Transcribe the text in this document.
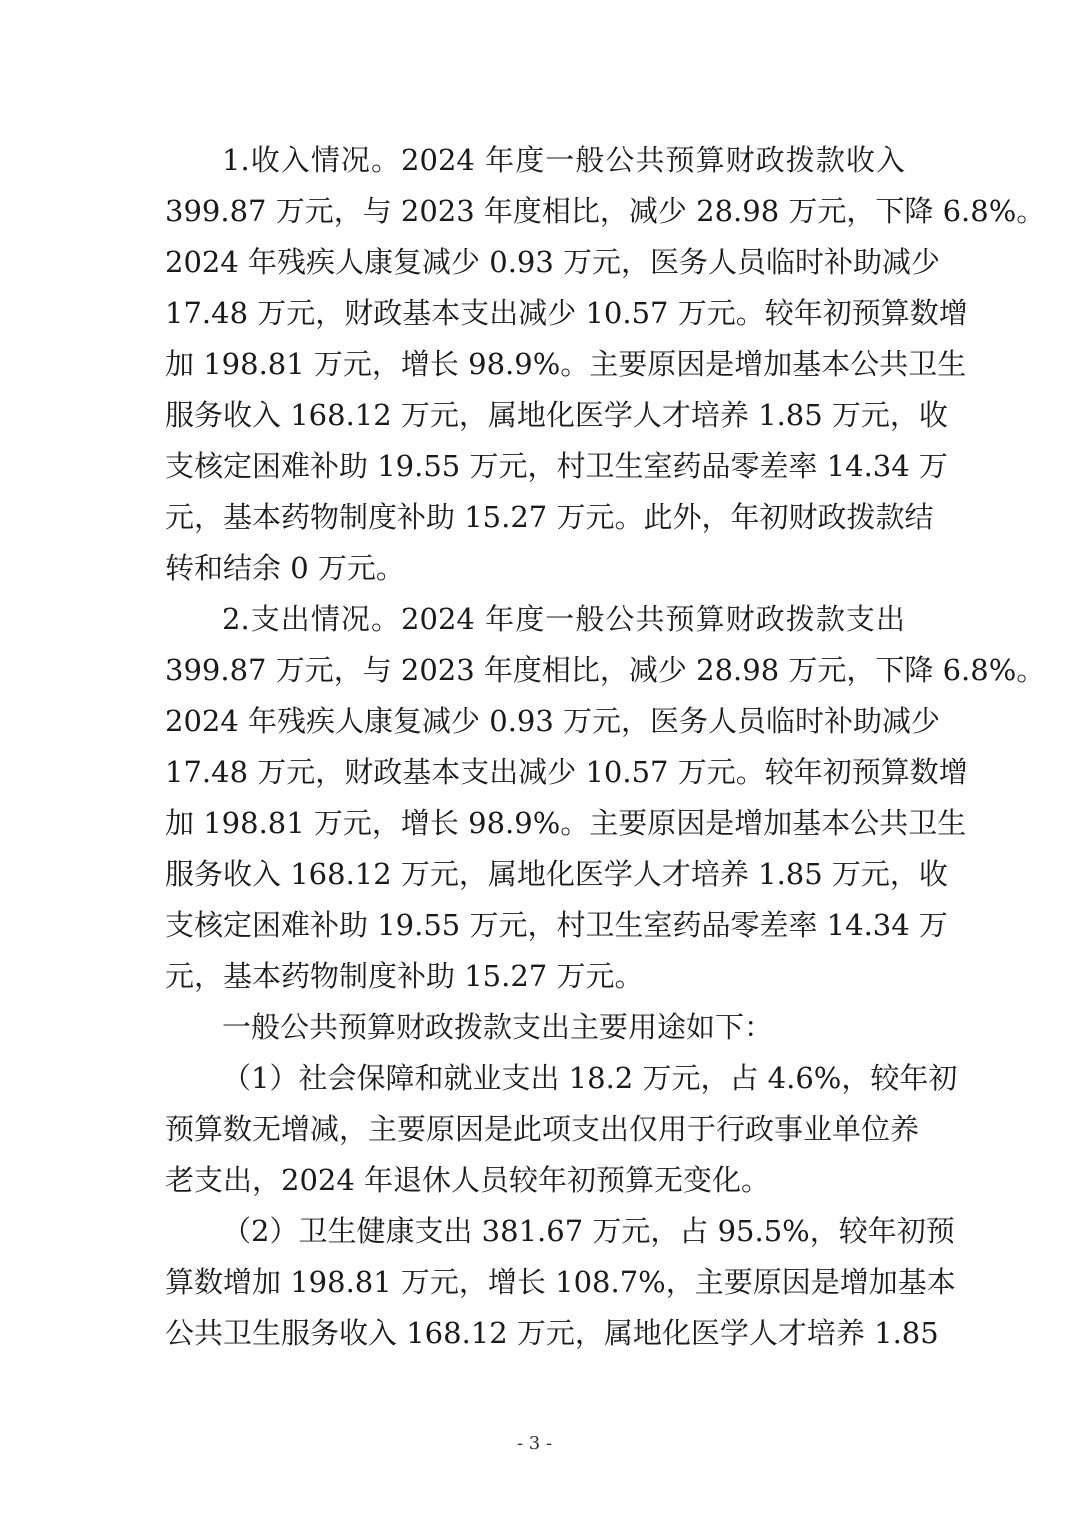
1.收入情况。2024 年度一般公共预算财政拨款收入
399.87 万元，与 2023 年度相比，减少 28.98 万元，下降 6.8%。
2024 年残疾人康复减少 0.93 万元，医务人员临时补助减少
17.48 万元，财政基本支出减少 10.57 万元。较年初预算数增
加 198.81 万元，增长 98.9%。主要原因是增加基本公共卫生
服务收入 168.12 万元，属地化医学人才培养 1.85 万元，收
支核定困难补助 19.55 万元，村卫生室药品零差率 14.34 万
元，基本药物制度补助 15.27 万元。此外，年初财政拨款结
转和结余 0 万元。
2.支出情况。2024 年度一般公共预算财政拨款支出
399.87 万元，与 2023 年度相比，减少 28.98 万元，下降 6.8%。
2024 年残疾人康复减少 0.93 万元，医务人员临时补助减少
17.48 万元，财政基本支出减少 10.57 万元。较年初预算数增
加 198.81 万元，增长 98.9%。主要原因是增加基本公共卫生
服务收入 168.12 万元，属地化医学人才培养 1.85 万元，收
支核定困难补助 19.55 万元，村卫生室药品零差率 14.34 万
元，基本药物制度补助 15.27 万元。
一般公共预算财政拨款支出主要用途如下：
（1）社会保障和就业支出 18.2 万元，占 4.6%，较年初
预算数无增减，主要原因是此项支出仅用于行政事业单位养
老支出，2024 年退休人员较年初预算无变化。
（2）卫生健康支出 381.67 万元，占 95.5%，较年初预
算数增加 198.81 万元，增长 108.7%，主要原因是增加基本
公共卫生服务收入 168.12 万元，属地化医学人才培养 1.85
- 3 -
